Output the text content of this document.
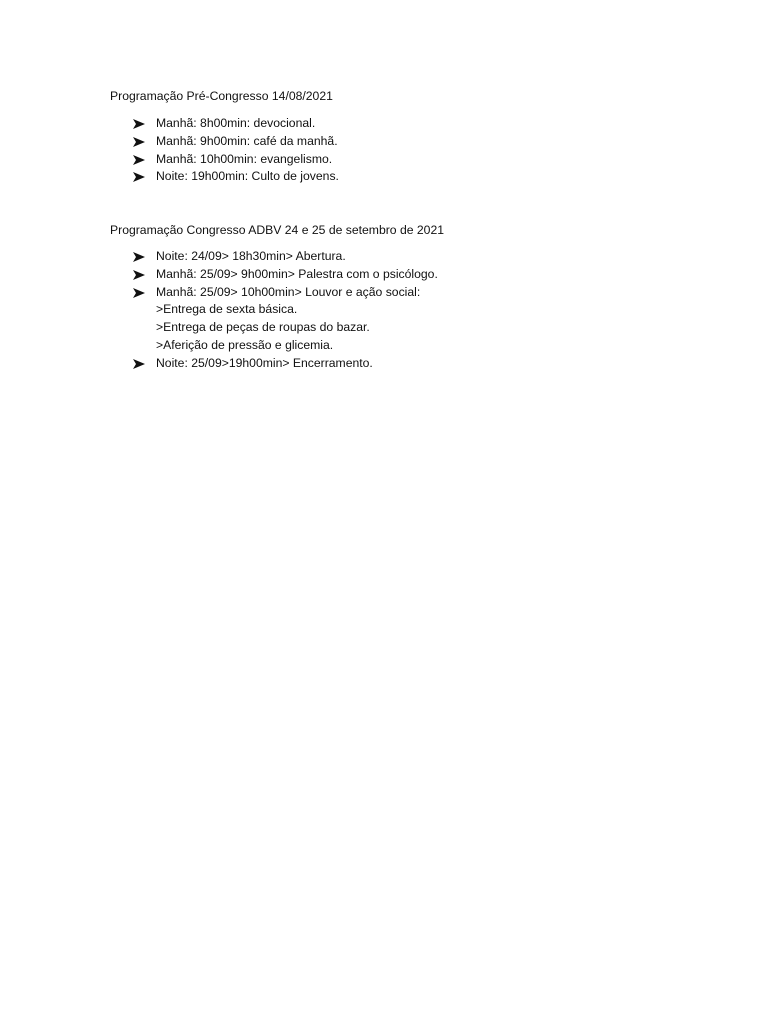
Programação Pré-Congresso 14/08/2021
Manhã: 8h00min: devocional.
Manhã: 9h00min: café da manhã.
Manhã: 10h00min: evangelismo.
Noite: 19h00min: Culto de jovens.
Programação Congresso ADBV 24 e 25 de setembro de 2021
Noite: 24/09> 18h30min> Abertura.
Manhã: 25/09> 9h00min> Palestra com o psicólogo.
Manhã: 25/09> 10h00min> Louvor e ação social:
>Entrega de sexta básica.
>Entrega de peças de roupas do bazar.
>Aferição de pressão e glicemia.
Noite: 25/09>19h00min> Encerramento.
